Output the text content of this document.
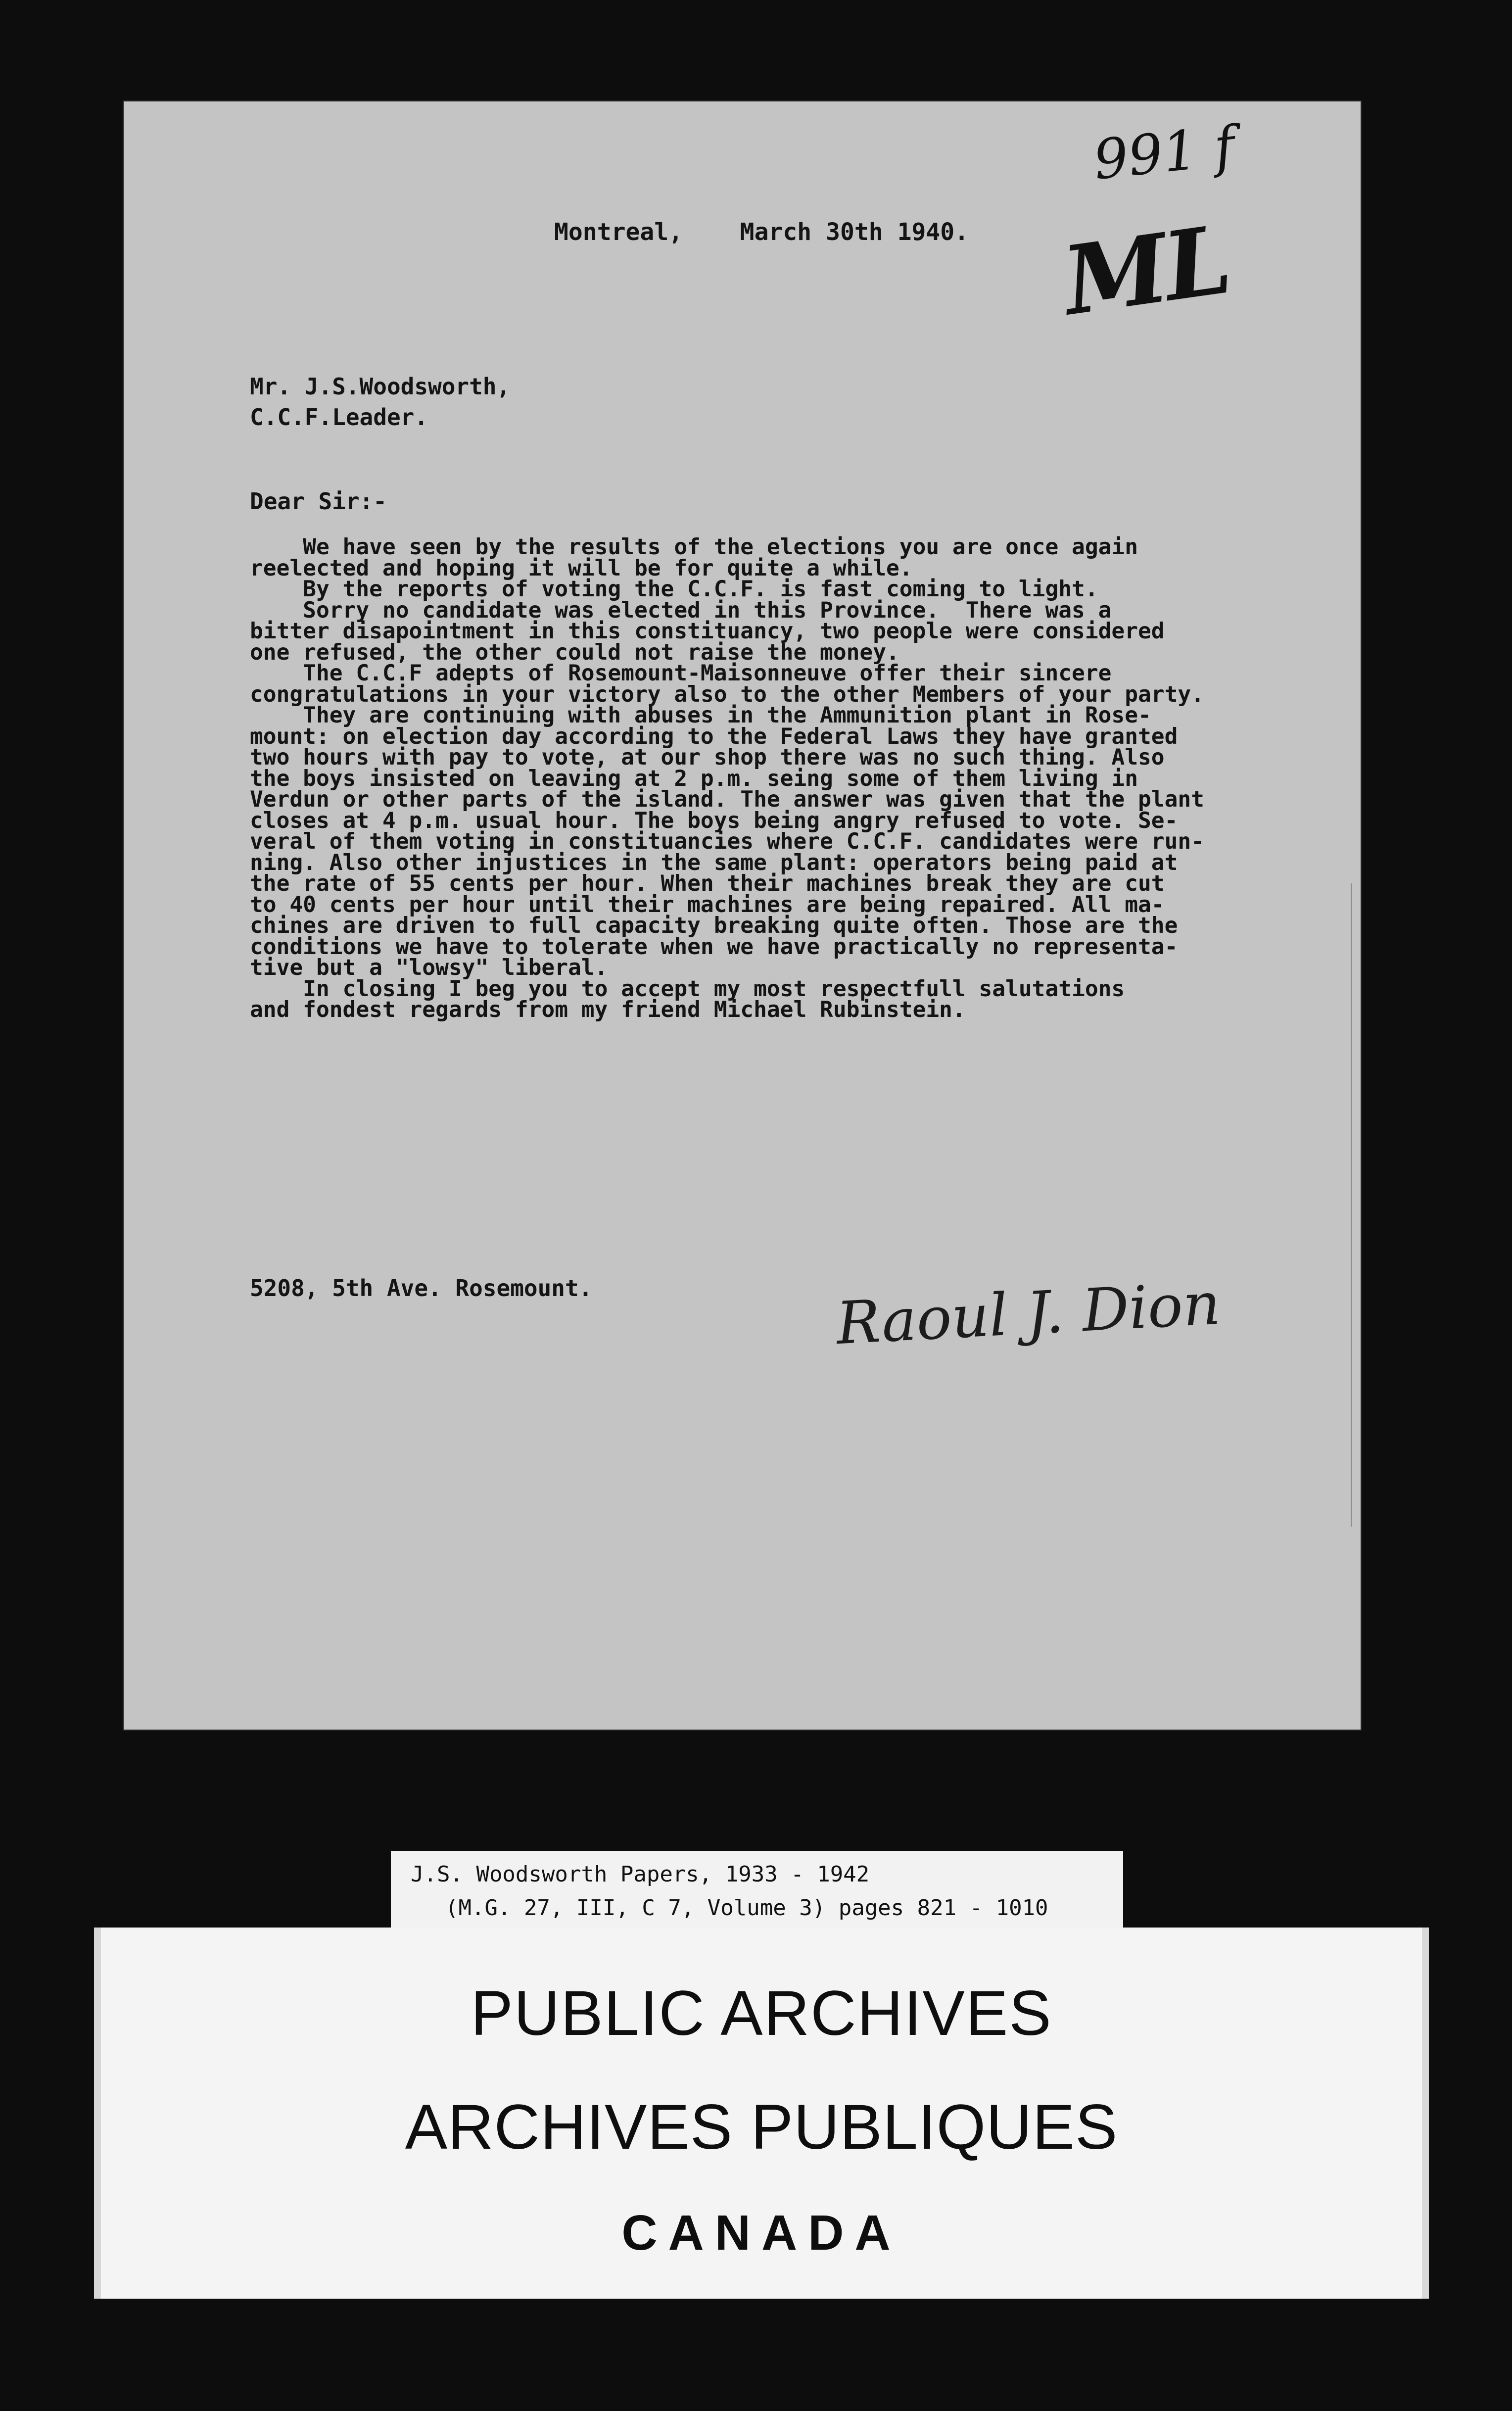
991 f
ML
Montreal,    March 30th 1940.
Mr. J.S.Woodsworth,
C.C.F.Leader.
Dear Sir:-
We have seen by the results of the elections you are once again
reelected and hoping it will be for quite a while.
By the reports of voting the C.C.F. is fast coming to light.
Sorry no candidate was elected in this Province.  There was a
bitter disapointment in this constituancy, two people were considered
one refused, the other could not raise the money.
The C.C.F adepts of Rosemount-Maisonneuve offer their sincere
congratulations in your victory also to the other Members of your party.
They are continuing with abuses in the Ammunition plant in Rose-
mount: on election day according to the Federal Laws they have granted
two hours with pay to vote, at our shop there was no such thing. Also
the boys insisted on leaving at 2 p.m. seing some of them living in
Verdun or other parts of the island. The answer was given that the plant
closes at 4 p.m. usual hour. The boys being angry refused to vote. Se-
veral of them voting in constituancies where C.C.F. candidates were run-
ning. Also other injustices in the same plant: operators being paid at
the rate of 55 cents per hour. When their machines break they are cut
to 40 cents per hour until their machines are being repaired. All ma-
chines are driven to full capacity breaking quite often. Those are the
conditions we have to tolerate when we have practically no representa-
tive but a "lowsy" liberal.
In closing I beg you to accept my most respectfull salutations
and fondest regards from my friend Michael Rubinstein.
5208, 5th Ave. Rosemount.	Raoul J. Dion
J.S. Woodsworth Papers, 1933 - 1942
(M.G. 27, III, C 7, Volume 3) pages 821 - 1010
PUBLIC ARCHIVES
ARCHIVES PUBLIQUES
CANADA
